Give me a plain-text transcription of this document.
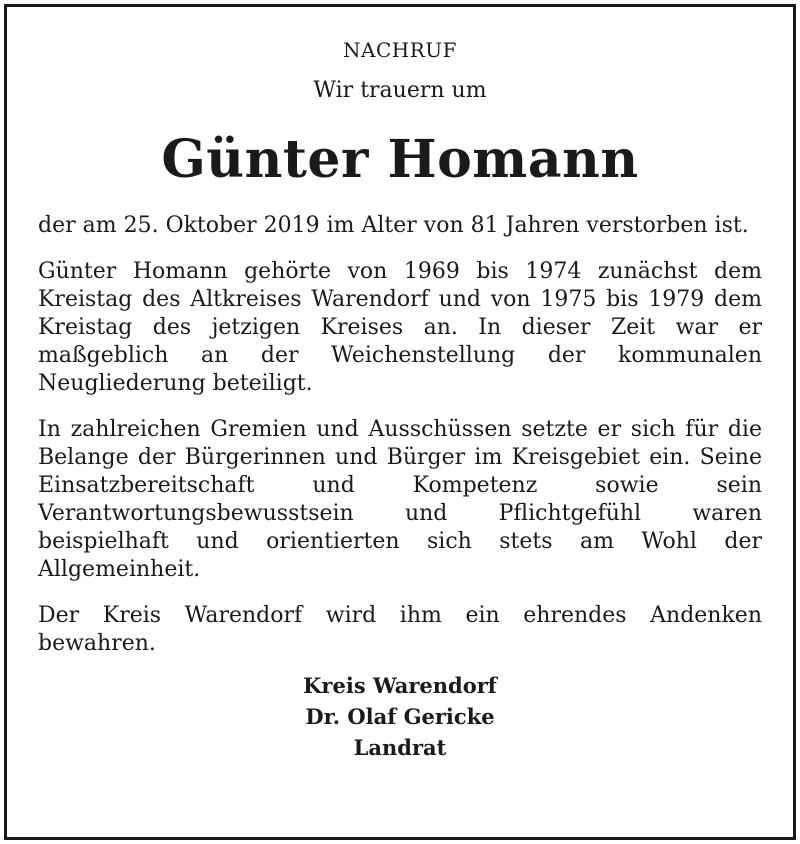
NACHRUF

Wir trauern um

Günter Homann

der am 25. Oktober 2019 im Alter von 81 Jahren verstorben ist.

Günter Homann gehörte von 1969 bis 1974 zunächst dem Kreistag des Altkreises Warendorf und von 1975 bis 1979 dem Kreistag des jetzigen Kreises an. In dieser Zeit war er maßgeblich an der Weichenstellung der kommunalen Neugliederung beteiligt.

In zahlreichen Gremien und Ausschüssen setzte er sich für die Belange der Bürgerinnen und Bürger im Kreisgebiet ein. Seine Einsatzbereitschaft und Kompetenz sowie sein Verantwortungsbewusstsein und Pflichtgefühl waren beispielhaft und orientierten sich stets am Wohl der Allgemeinheit.

Der Kreis Warendorf wird ihm ein ehrendes Andenken bewahren.

Kreis Warendorf
Dr. Olaf Gericke
Landrat
